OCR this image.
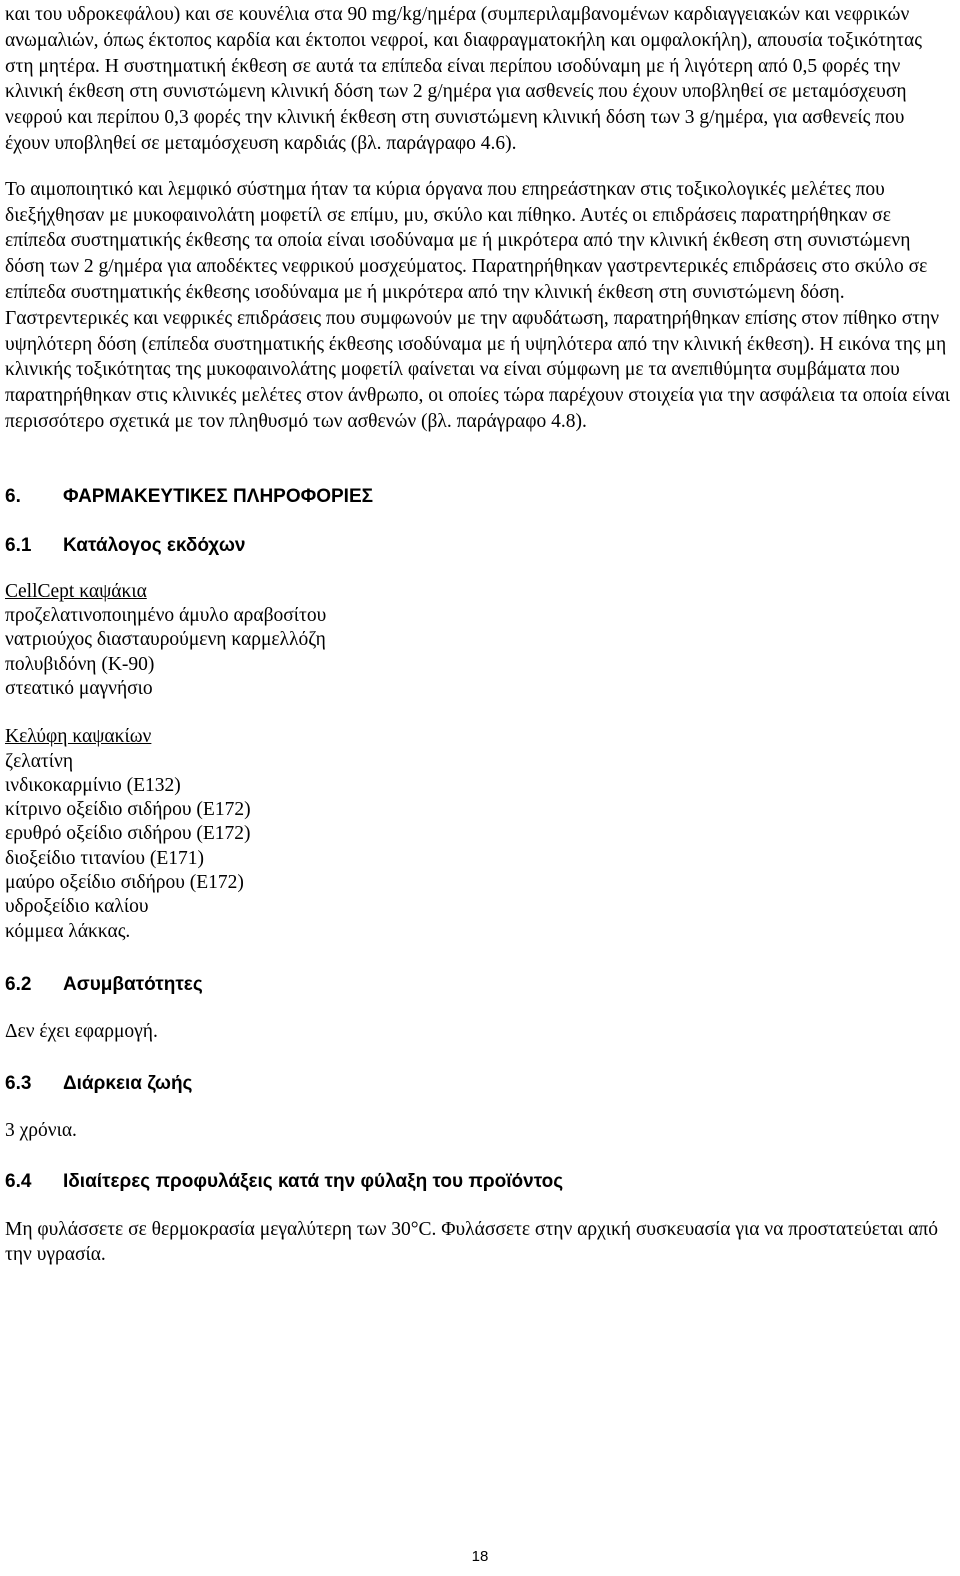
και του υδροκεφάλου) και σε κουνέλια στα 90 mg/kg/ημέρα (συμπεριλαμβανομένων καρδιαγγειακών και νεφρικών ανωμαλιών, όπως έκτοπος καρδία και έκτοποι νεφροί, και διαφραγματοκήλη και ομφαλοκήλη), απουσία τοξικότητας στη μητέρα. Η συστηματική έκθεση σε αυτά τα επίπεδα είναι περίπου ισοδύναμη με ή λιγότερη από 0,5 φορές την κλινική έκθεση στη συνιστώμενη κλινική δόση των 2 g/ημέρα για ασθενείς που έχουν υποβληθεί σε μεταμόσχευση νεφρού και περίπου 0,3 φορές την κλινική έκθεση στη συνιστώμενη κλινική δόση των 3 g/ημέρα, για ασθενείς που έχουν υποβληθεί σε μεταμόσχευση καρδιάς (βλ. παράγραφο 4.6).

Το αιμοποιητικό και λεμφικό σύστημα ήταν τα κύρια όργανα που επηρεάστηκαν στις τοξικολογικές μελέτες που διεξήχθησαν με μυκοφαινολάτη μοφετίλ σε επίμυ, μυ, σκύλο και πίθηκο. Αυτές οι επιδράσεις παρατηρήθηκαν σε επίπεδα συστηματικής έκθεσης τα οποία είναι ισοδύναμα με ή μικρότερα από την κλινική έκθεση στη συνιστώμενη δόση των 2 g/ημέρα για αποδέκτες νεφρικού μοσχεύματος. Παρατηρήθηκαν γαστρεντερικές επιδράσεις στο σκύλο σε επίπεδα συστηματικής έκθεσης ισοδύναμα με ή μικρότερα από την κλινική έκθεση στη συνιστώμενη δόση. Γαστρεντερικές και νεφρικές επιδράσεις που συμφωνούν με την αφυδάτωση, παρατηρήθηκαν επίσης στον πίθηκο στην υψηλότερη δόση (επίπεδα συστηματικής έκθεσης ισοδύναμα με ή υψηλότερα από την κλινική έκθεση). Η εικόνα της μη κλινικής τοξικότητας της μυκοφαινολάτης μοφετίλ φαίνεται να είναι σύμφωνη με τα ανεπιθύμητα συμβάματα που παρατηρήθηκαν στις κλινικές μελέτες στον άνθρωπο, οι οποίες τώρα παρέχουν στοιχεία για την ασφάλεια τα οποία είναι περισσότερο σχετικά με τον πληθυσμό των ασθενών (βλ. παράγραφο 4.8).

6.	ΦΑΡΜΑΚΕΥΤΙΚΕΣ ΠΛΗΡΟΦΟΡΙΕΣ
6.1	Κατάλογος εκδόχων
CellCept καψάκια
προζελατινοποιημένο άμυλο αραβοσίτου
νατριούχος διασταυρούμενη καρμελλόζη
πολυβιδόνη (K-90)
στεατικό μαγνήσιο
Κελύφη καψακίων
ζελατίνη
ινδικοκαρμίνιο (E132)
κίτρινο οξείδιο σιδήρου (E172)
ερυθρό οξείδιο σιδήρου (E172)
διοξείδιο τιτανίου (E171)
μαύρο οξείδιο σιδήρου (E172)
υδροξείδιο καλίου
κόμμεα λάκκας.
6.2	Ασυμβατότητες

Δεν έχει εφαρμογή.

6.3	Διάρκεια ζωής

3 χρόνια.

6.4	Ιδιαίτερες προφυλάξεις κατά την φύλαξη του προϊόντος

Μη φυλάσσετε σε θερμοκρασία μεγαλύτερη των 30°C. Φυλάσσετε στην αρχική συσκευασία για να προστατεύεται από την υγρασία.

18
